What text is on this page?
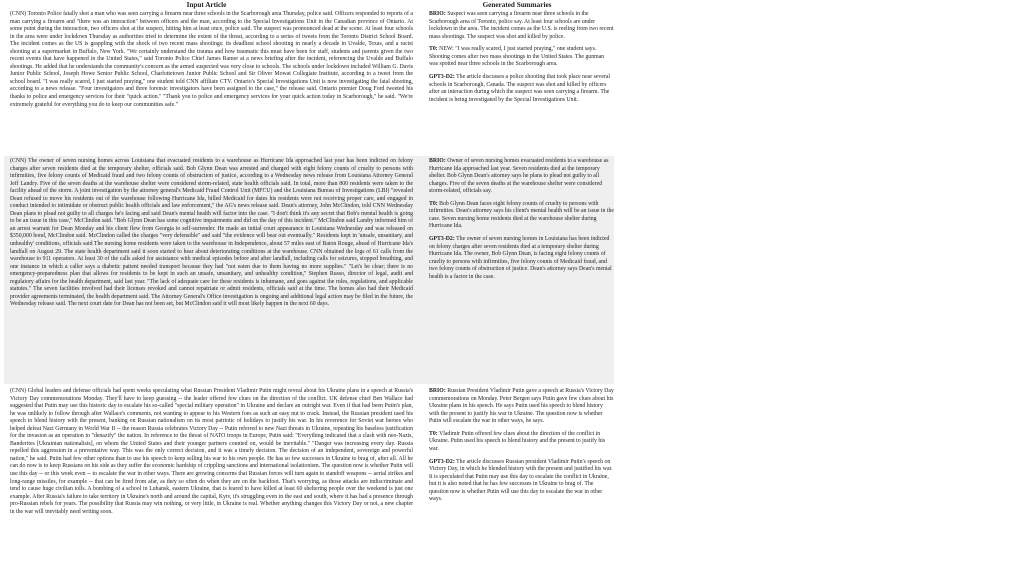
Input Article	Generated Summaries
(CNN) Toronto Police fatally shot a man who was seen carrying a firearm near three schools in the Scarborough area Thursday, police said. Officers responded to reports of a man carrying a firearm and "there was an interaction" between officers and the man, according to the Special Investigations Unit in the Canadian province of Ontario. At some point during the interaction, two officers shot at the suspect, hitting him at least once, police said. The suspect was pronounced dead at the scene. At least four schools in the area were under lockdown Thursday as authorities tried to determine the extent of the threat, according to a series of tweets from the Toronto District School Board. The incident comes as the US is grappling with the shock of two recent mass shootings: its deadliest school shooting in nearly a decade in Uvalde, Texas, and a racist shooting at a supermarket in Buffalo, New York. "We certainly understand the trauma and how traumatic this must have been for staff, students and parents given the two recent events that have happened in the United States," said Toronto Police Chief James Ramer at a news briefing after the incident, referencing the Uvalde and Buffalo shootings. He added that he understands the community's concern as the armed suspected was very close to schools. The schools under lockdown included William G. Davis Junior Public School, Joseph Howe Senior Public School, Charlottetown Junior Public School and Sir Oliver Mowat Collegiate Institute, according to a tweet from the school board. "I was really scared, I just started praying," one student told CNN affiliate CTV. Ontario's Special Investigations Unit is now investigating the fatal shooting, according to a news release. "Four investigators and three forensic investigators have been assigned to the case," the release said. Ontario premier Doug Ford tweeted his thanks to police and emergency services for their "quick action." "Thank you to police and emergency services for your quick action today in Scarborough," he said. "We're extremely grateful for everything you do to keep our communities safe."

BRIO: Suspect was seen carrying a firearm near three schools in the Scarborough area of Toronto, police say. At least four schools are under lockdown in the area. The incident comes as the U.S. is reeling from two recent mass shootings. The suspect was shot and killed by police.

T0: NEW: "I was really scared, I just started praying," one student says. Shooting comes after two mass shootings in the United States. The gunman was spotted near three schools in the Scarborough area.

GPT3-D2: The article discusses a police shooting that took place near several schools in Scarborough, Canada. The suspect was shot and killed by officers after an interaction during which the suspect was seen carrying a firearm. The incident is being investigated by the Special Investigations Unit.

(CNN) The owner of seven nursing homes across Louisiana that evacuated residents to a warehouse as Hurricane Ida approached last year has been indicted on felony charges after seven residents died at the temporary shelter, officials said. Bob Glynn Dean was arrested and charged with eight felony counts of cruelty to persons with infirmities, five felony counts of Medicaid fraud and two felony counts of obstruction of justice, according to a Wednesday news release from Louisiana Attorney General Jeff Landry. Five of the seven deaths at the warehouse shelter were considered storm-related, state health officials said. In total, more than 800 residents were taken to the facility ahead of the storm. A joint investigation by the attorney general's Medicaid Fraud Control Unit (MFCU) and the Louisiana Bureau of Investigations (LBI) "revealed Dean refused to move his residents out of the warehouse following Hurricane Ida, billed Medicaid for dates his residents were not receiving proper care, and engaged in conduct intended to intimidate or obstruct public health officials and law enforcement," the AG's news release said. Dean's attorney, John McClindon, told CNN Wednesday Dean plans to plead not guilty to all charges he's facing and said Dean's mental health will factor into the case. "I don't think it's any secret that Bob's mental health is going to be an issue in this case," McClindon said. "Bob Glynn Dean has some cognitive impairments and did on the day of this incident." McClindon said Landry informed him of an arrest warrant for Dean Monday and his client flew from Georgia to self-surrender. He made an initial court appearance in Louisiana Wednesday and was released on $350,000 bond, McClindon said. McClindon called the charges "very defensible" and said "the evidence will bear out eventually." Residents kept in 'unsafe, unsanitary, and unhealthy' conditions, officials said The nursing home residents were taken to the warehouse in Independence, about 57 miles east of Baton Rouge, ahead of Hurricane Ida's landfall on August 29. The state health department said it soon started to hear about deteriorating conditions at the warehouse. CNN obtained the logs of 61 calls from the warehouse to 911 operators. At least 30 of the calls asked for assistance with medical episodes before and after landfall, including calls for seizures, stopped breathing, and one instance in which a caller says a diabetic patient needed transport because they had "not eaten due to them having no more supplies." "Let's be clear; there is no emergency-preparedness plan that allows for residents to be kept in such an unsafe, unsanitary, and unhealthy condition," Stephen Russo, director of legal, audit and regulatory affairs for the health department, said last year. "The lack of adequate care for these residents is inhumane, and goes against the rules, regulations, and applicable statutes." The seven facilities involved had their licenses revoked and cannot repatriate or admit residents, officials said at the time. The homes also had their Medicaid provider agreements terminated, the health department said. The Attorney General's Office investigation is ongoing and additional legal action may be filed in the future, the Wednesday release said. The next court date for Dean has not been set, but McClindon said it will most likely happen in the next 60 days.

BRIO: Owner of seven nursing homes evacuated residents to a warehouse as Hurricane Ida approached last year. Seven residents died at the temporary shelter. Bob Glynn Dean's attorney says he plans to plead not guilty to all charges. Five of the seven deaths at the warehouse shelter were considered storm-related, officials say.

T0: Bob Glynn Dean faces eight felony counts of cruelty to persons with infirmities. Dean's attorney says his client's mental health will be an issue in the case. Seven nursing home residents died at the warehouse shelter during Hurricane Ida.

GPT3-D2: The owner of seven nursing homes in Louisiana has been indicted on felony charges after seven residents died at a temporary shelter during Hurricane Ida. The owner, Bob Glynn Dean, is facing eight felony counts of cruelty to persons with infirmities, five felony counts of Medicaid fraud, and two felony counts of obstruction of justice. Dean's attorney says Dean's mental health is a factor in the case.

(CNN) Global leaders and defense officials had spent weeks speculating what Russian President Vladimir Putin might reveal about his Ukraine plans in a speech at Russia's Victory Day commemorations Monday. They'll have to keep guessing -- the leader offered few clues on the direction of the conflict. UK defense chief Ben Wallace had suggested that Putin may use this historic day to escalate his so-called "special military operation" in Ukraine and declare an outright war. Even if that had been Putin's plan, he was unlikely to follow through after Wallace's comments, not wanting to appear to his Western foes as such an easy nut to crack. Instead, the Russian president used his speech to blend history with the present, banking on Russian nationalism on its most patriotic of holidays to justify his war. In his reverence for Soviet war heroes who helped defeat Nazi Germany in World War II -- the reason Russia celebrates Victory Day -- Putin referred to new Nazi threats in Ukraine, repeating his baseless justification for the invasion as an operation to "denazify" the nation. In reference to the threat of NATO troops in Europe, Putin said: "Everything indicated that a clash with neo-Nazis, Banderites [Ukrainian nationalists], on whom the United States and their younger partners counted on, would be inevitable." "Danger was increasing every day. Russia repelled this aggression in a preventative way. This was the only correct decision, and it was a timely decision. The decision of an independent, sovereign and powerful nation," he said. Putin had few other options than to use his speech to keep selling his war to his own people. He has so few successes in Ukraine to brag of, after all. All he can do now is to keep Russians on his side as they suffer the economic hardship of crippling sanctions and international isolationism. The question now is whether Putin will use this day -- or this week even -- to escalate the war in other ways. There are growing concerns that Russian forces will turn again to standoff weapons -- aerial strikes and long-range missiles, for example -- that can be fired from afar, as they so often do when they are on the backfoot. That's worrying, as those attacks are indiscriminate and tend to cause huge civilian tolls. A bombing of a school in Luhansk, eastern Ukraine, that is feared to have killed at least 60 sheltering people over the weekend is just one example. After Russia's failure to take territory in Ukraine's north and around the capital, Kyiv, it's struggling even in the east and south, where it has had a presence through pro-Russian rebels for years. The possibility that Russia may win nothing, or very little, in Ukraine is real. Whether anything changes this Victory Day or not, a new chapter in the war will inevitably need writing soon.

BRIO: Russian President Vladimir Putin gave a speech at Russia's Victory Day commemorations on Monday. Peter Bergen says Putin gave few clues about his Ukraine plans in his speech. He says Putin used his speech to blend history with the present to justify his war in Ukraine. The question now is whether Putin will escalate the war in other ways, he says.

T0: Vladimir Putin offered few clues about the direction of the conflict in Ukraine. Putin used his speech to blend history and the present to justify his war.

GPT3-D2: The article discusses Russian president Vladimir Putin's speech on Victory Day, in which he blended history with the present and justified his war. It is speculated that Putin may use this day to escalate the conflict in Ukraine, but it is also noted that he has few successes in Ukraine to brag of. The question now is whether Putin will use this day to escalate the war in other ways.
